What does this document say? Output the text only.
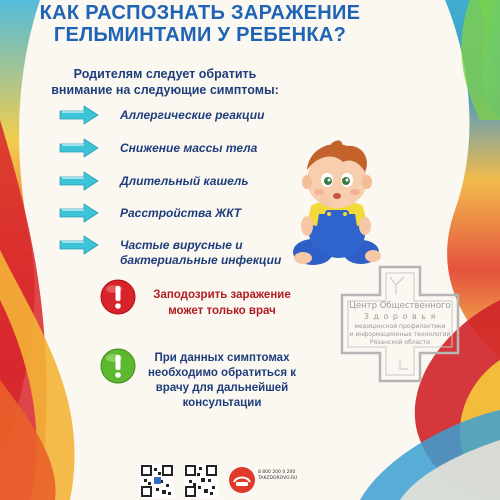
КАК РАСПОЗНАТЬ ЗАРАЖЕНИЕ
ГЕЛЬМИНТАМИ У РЕБЕНКА?
Родителям следует обратить
внимание на следующие симптомы:
Аллергические реакции
Снижение массы тела
Длительный кашель
Расстройства ЖКТ
Частые вирусные и
бактериальные инфекции
Заподозрить заражение
может только врач
При данных симптомах
необходимо обратиться к
врачу для дальнейшей
консультации
Центр Общественного
З д о р о в ь я
медицинской профилактики
и информационных технологий
Рязанской области
8 800 200 0 200
TAKZDOROVO.RU
